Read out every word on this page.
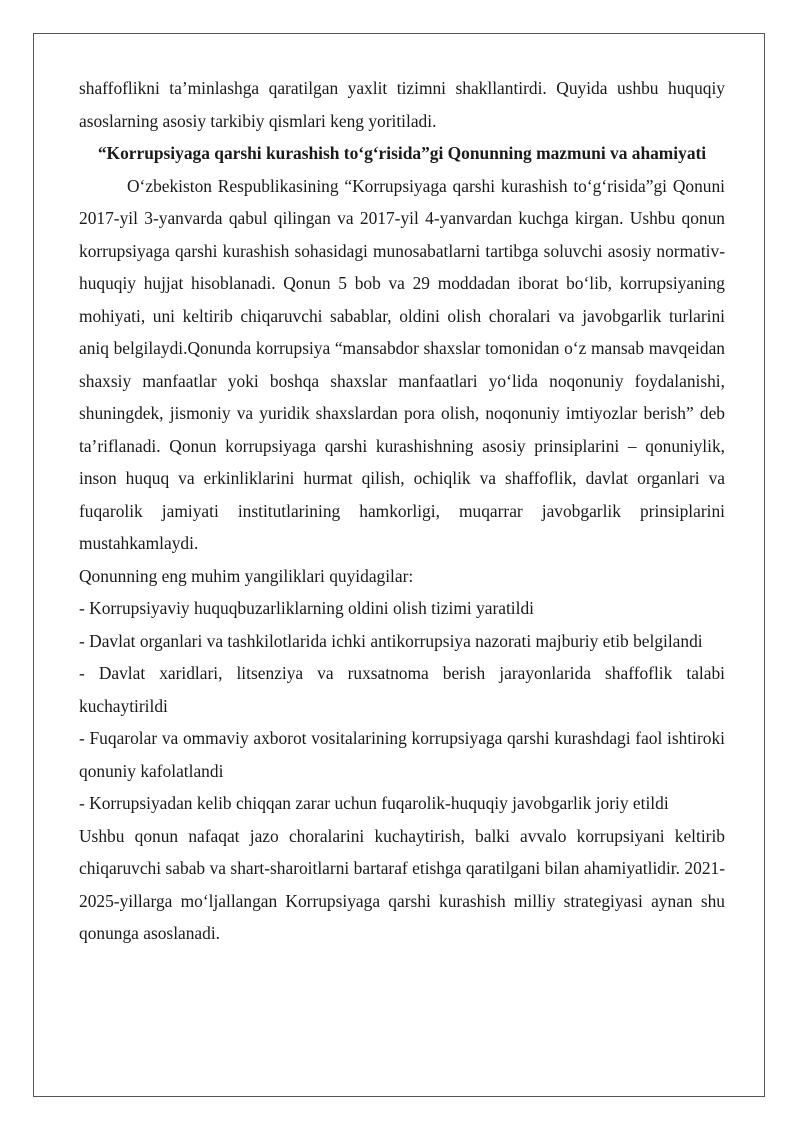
shaffoflikni taʼminlashga qaratilgan yaxlit tizimni shakllantirdi. Quyida ushbu huquqiy asoslarning asosiy tarkibiy qismlari keng yoritiladi.

“Korrupsiyaga qarshi kurashish to‘g‘risida”gi Qonunning mazmuni va ahamiyati

O‘zbekiston Respublikasining “Korrupsiyaga qarshi kurashish to‘g‘risida”gi Qonuni 2017-yil 3-yanvarda qabul qilingan va 2017-yil 4-yanvardan kuchga kirgan. Ushbu qonun korrupsiyaga qarshi kurashish sohasidagi munosabatlarni tartibga soluvchi asosiy normativ-huquqiy hujjat hisoblanadi. Qonun 5 bob va 29 moddadan iborat bo‘lib, korrupsiyaning mohiyati, uni keltirib chiqaruvchi sabablar, oldini olish choralari va javobgarlik turlarini aniq belgilaydi.Qonunda korrupsiya “mansabdor shaxslar tomonidan o‘z mansab mavqeidan shaxsiy manfaatlar yoki boshqa shaxslar manfaatlari yo‘lida noqonuniy foydalanishi, shuningdek, jismoniy va yuridik shaxslardan pora olish, noqonuniy imtiyozlar berish” deb ta’riflanadi. Qonun korrupsiyaga qarshi kurashishning asosiy prinsiplarini – qonuniylik, inson huquq va erkinliklarini hurmat qilish, ochiqlik va shaffoflik, davlat organlari va fuqarolik jamiyati institutlarining hamkorligi, muqarrar javobgarlik prinsiplarini mustahkamlaydi.

Qonunning eng muhim yangiliklari quyidagilar:

- Korrupsiyaviy huquqbuzarliklarning oldini olish tizimi yaratildi

- Davlat organlari va tashkilotlarida ichki antikorrupsiya nazorati majburiy etib belgilandi

- Davlat xaridlari, litsenziya va ruxsatnoma berish jarayonlarida shaffoflik talabi kuchaytirildi

- Fuqarolar va ommaviy axborot vositalarining korrupsiyaga qarshi kurashdagi faol ishtiroki qonuniy kafolatlandi

- Korrupsiyadan kelib chiqqan zarar uchun fuqarolik-huquqiy javobgarlik joriy etildi

Ushbu qonun nafaqat jazo choralarini kuchaytirish, balki avvalo korrupsiyani keltirib chiqaruvchi sabab va shart-sharoitlarni bartaraf etishga qaratilgani bilan ahamiyatlidir. 2021-2025-yillarga mo‘ljallangan Korrupsiyaga qarshi kurashish milliy strategiyasi aynan shu qonunga asoslanadi.
